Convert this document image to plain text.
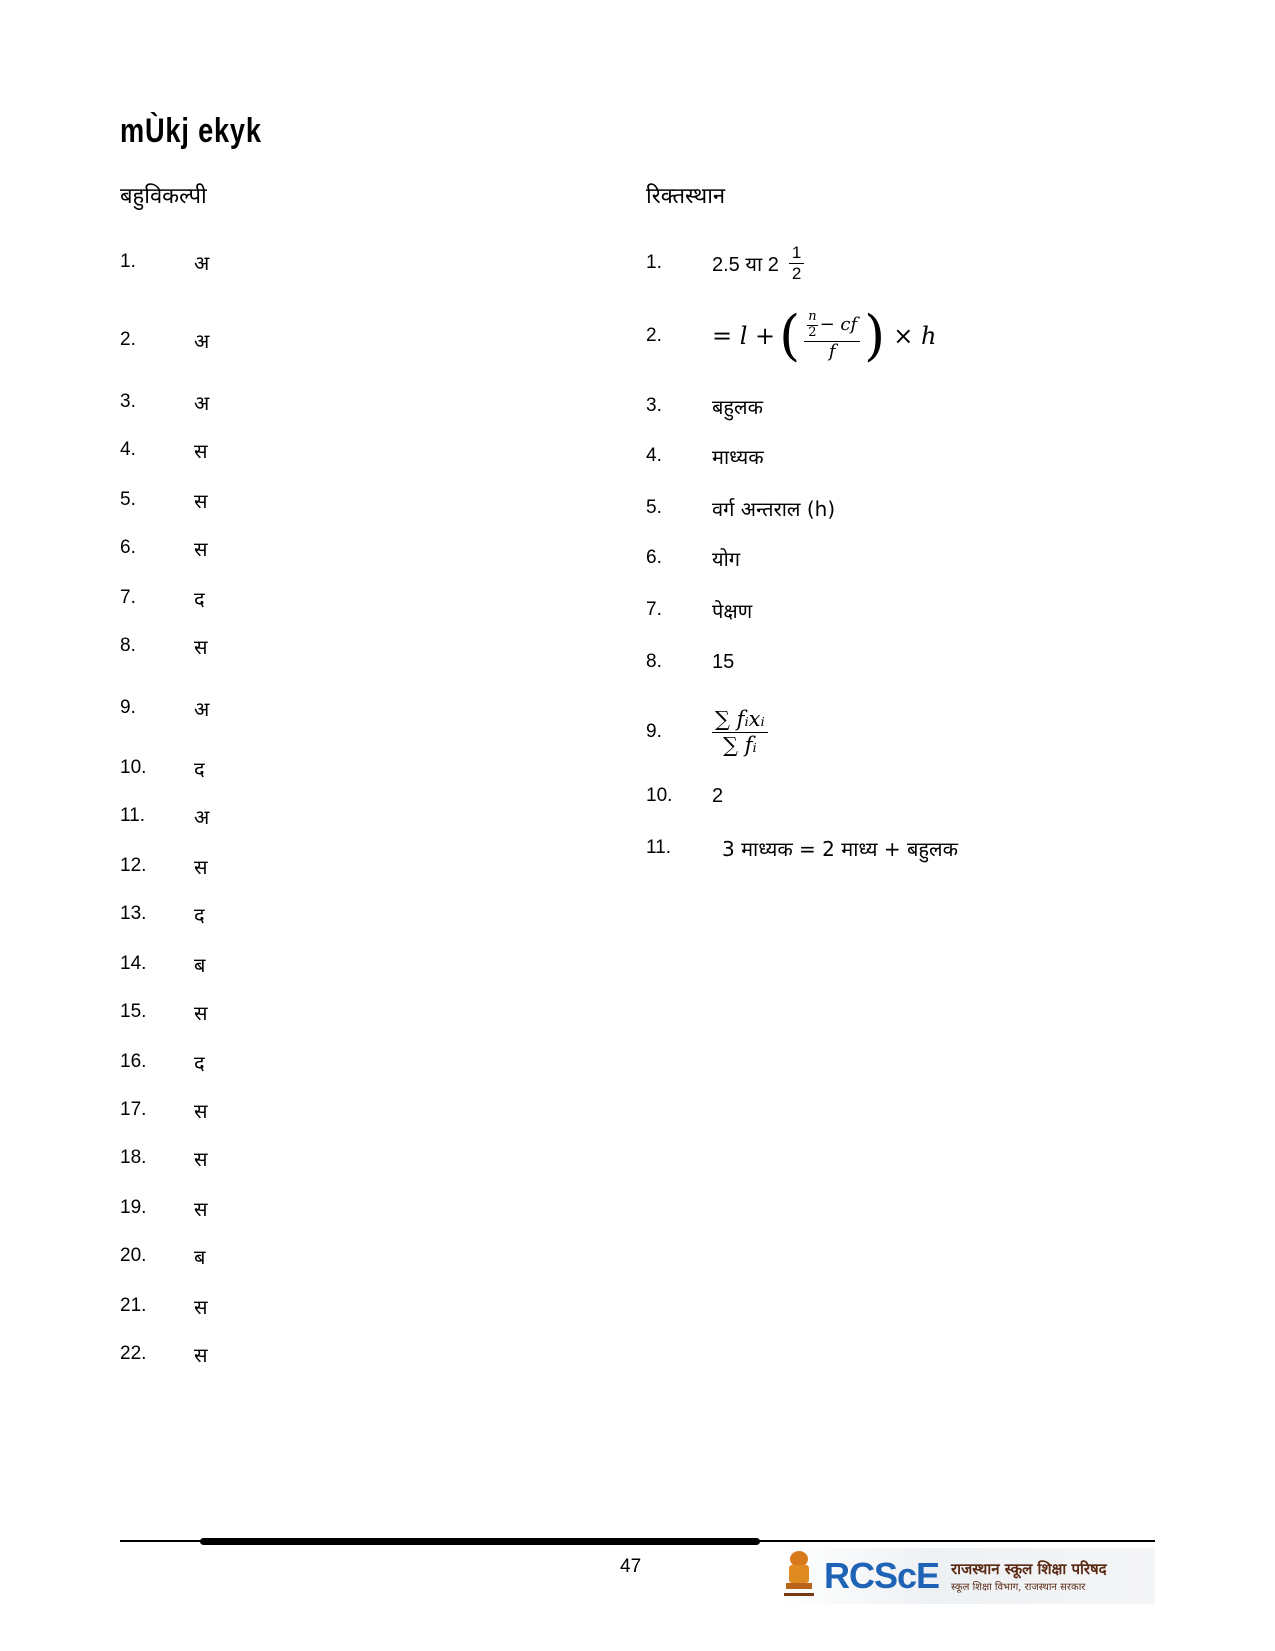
mÙkj ekyk
बहुविकल्पी	रिक्तस्थान
1.	अ
2.	अ
3.	अ
4.	स
5.	स
6.	स
7.	द
8.	स
9.	अ
10.	द
11.	अ
12.	स
13.	द
14.	ब
15.	स
16.	द
17.	स
18.	स
19.	स
20.	ब
21.	स
22.	स
1.	2.5 या $2 \frac{1}{2}$
2.	= l + ( $\frac{\frac{n}{2} - cf}{f}$ ) × h
3.	बहुलक
4.	माध्यक
5.	वर्ग अन्तराल (h)
6.	योग
7.	पेक्षण
8.	15
9.	$\frac{\text{∑ fᵢxᵢ}}{\text{∑ fᵢ}}$
10.	2
11.	3 माध्यक = 2 माध्य + बहुलक
47	RCScE राजस्थान स्कूल शिक्षा परिषद
स्कूल शिक्षा विभाग, राजस्थान सरकार
